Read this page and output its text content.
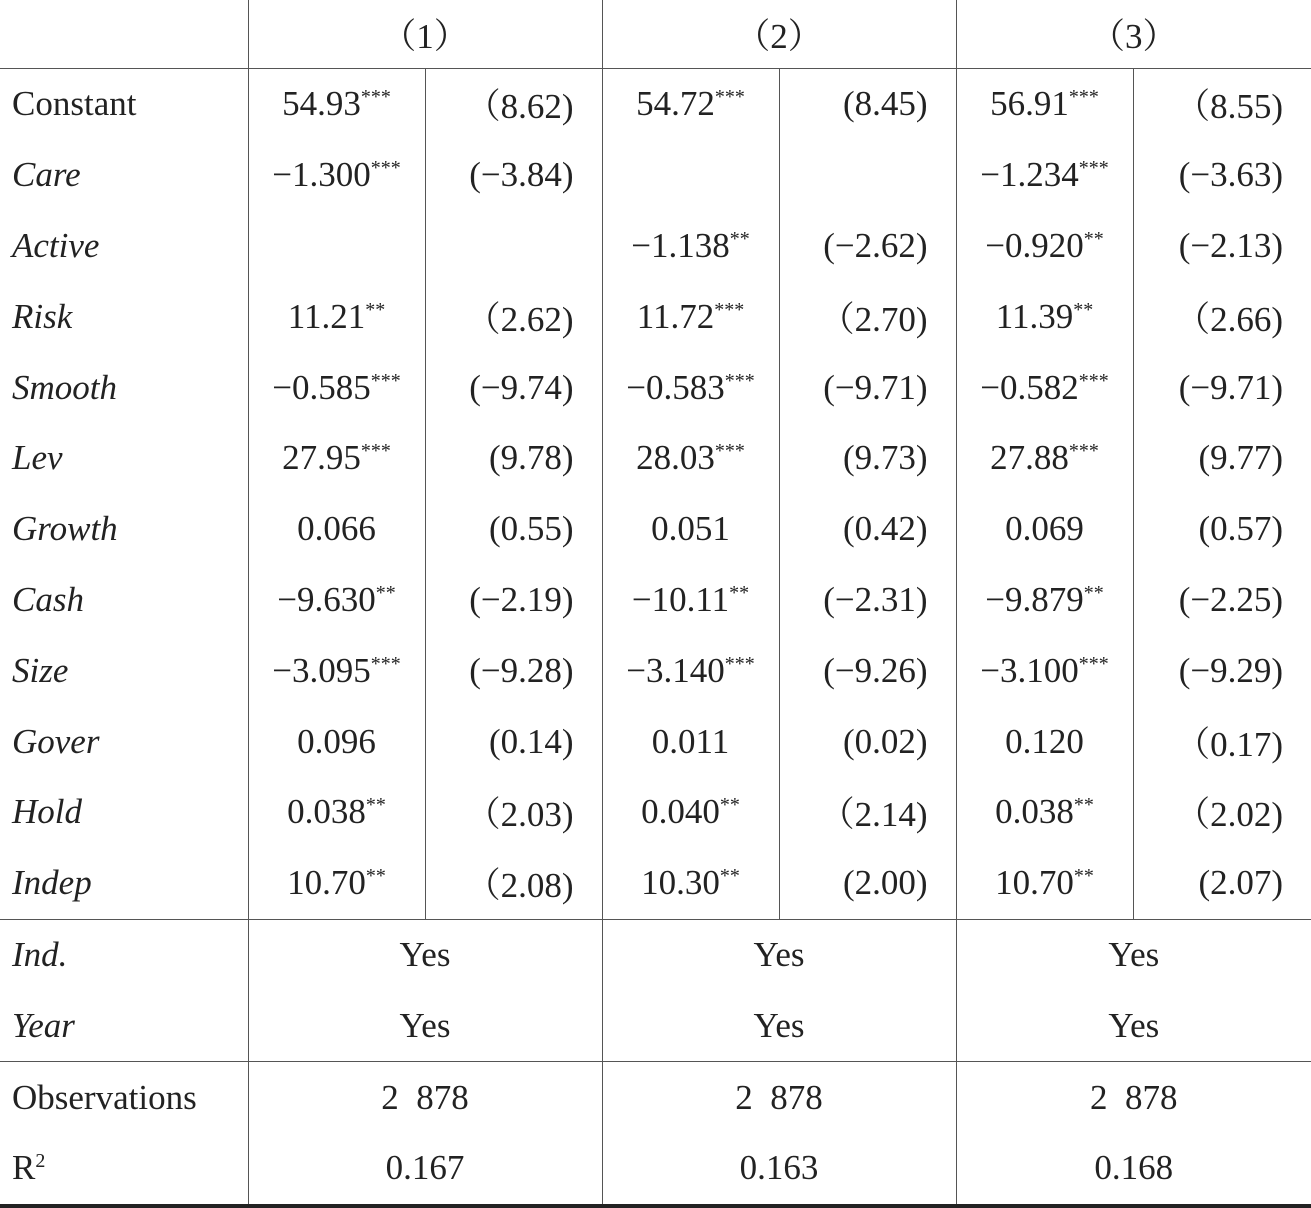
	（1）		（2）		（3）	
Constant	54.93***	（8.62)	54.72***	(8.45)	56.91***	（8.55)
Care	−1.300***	(−3.84)			−1.234***	(−3.63)
Active			−1.138**	(−2.62)	−0.920**	(−2.13)
Risk	11.21**	（2.62)	11.72***	（2.70)	11.39**	（2.66)
Smooth	−0.585***	(−9.74)	−0.583***	(−9.71)	−0.582***	(−9.71)
Lev	27.95***	(9.78)	28.03***	(9.73)	27.88***	(9.77)
Growth	0.066	(0.55)	0.051	(0.42)	0.069	(0.57)
Cash	−9.630**	(−2.19)	−10.11**	(−2.31)	−9.879**	(−2.25)
Size	−3.095***	(−9.28)	−3.140***	(−9.26)	−3.100***	(−9.29)
Gover	0.096	(0.14)	0.011	(0.02)	0.120	（0.17)
Hold	0.038**	（2.03)	0.040**	（2.14)	0.038**	（2.02)
Indep	10.70**	（2.08)	10.30**	(2.00)	10.70**	(2.07)
Ind.	Yes		Yes		Yes	
Year	Yes		Yes		Yes	
Observations	2  878		2  878		2  878	
$R^2$	0.167		0.163		0.168	
